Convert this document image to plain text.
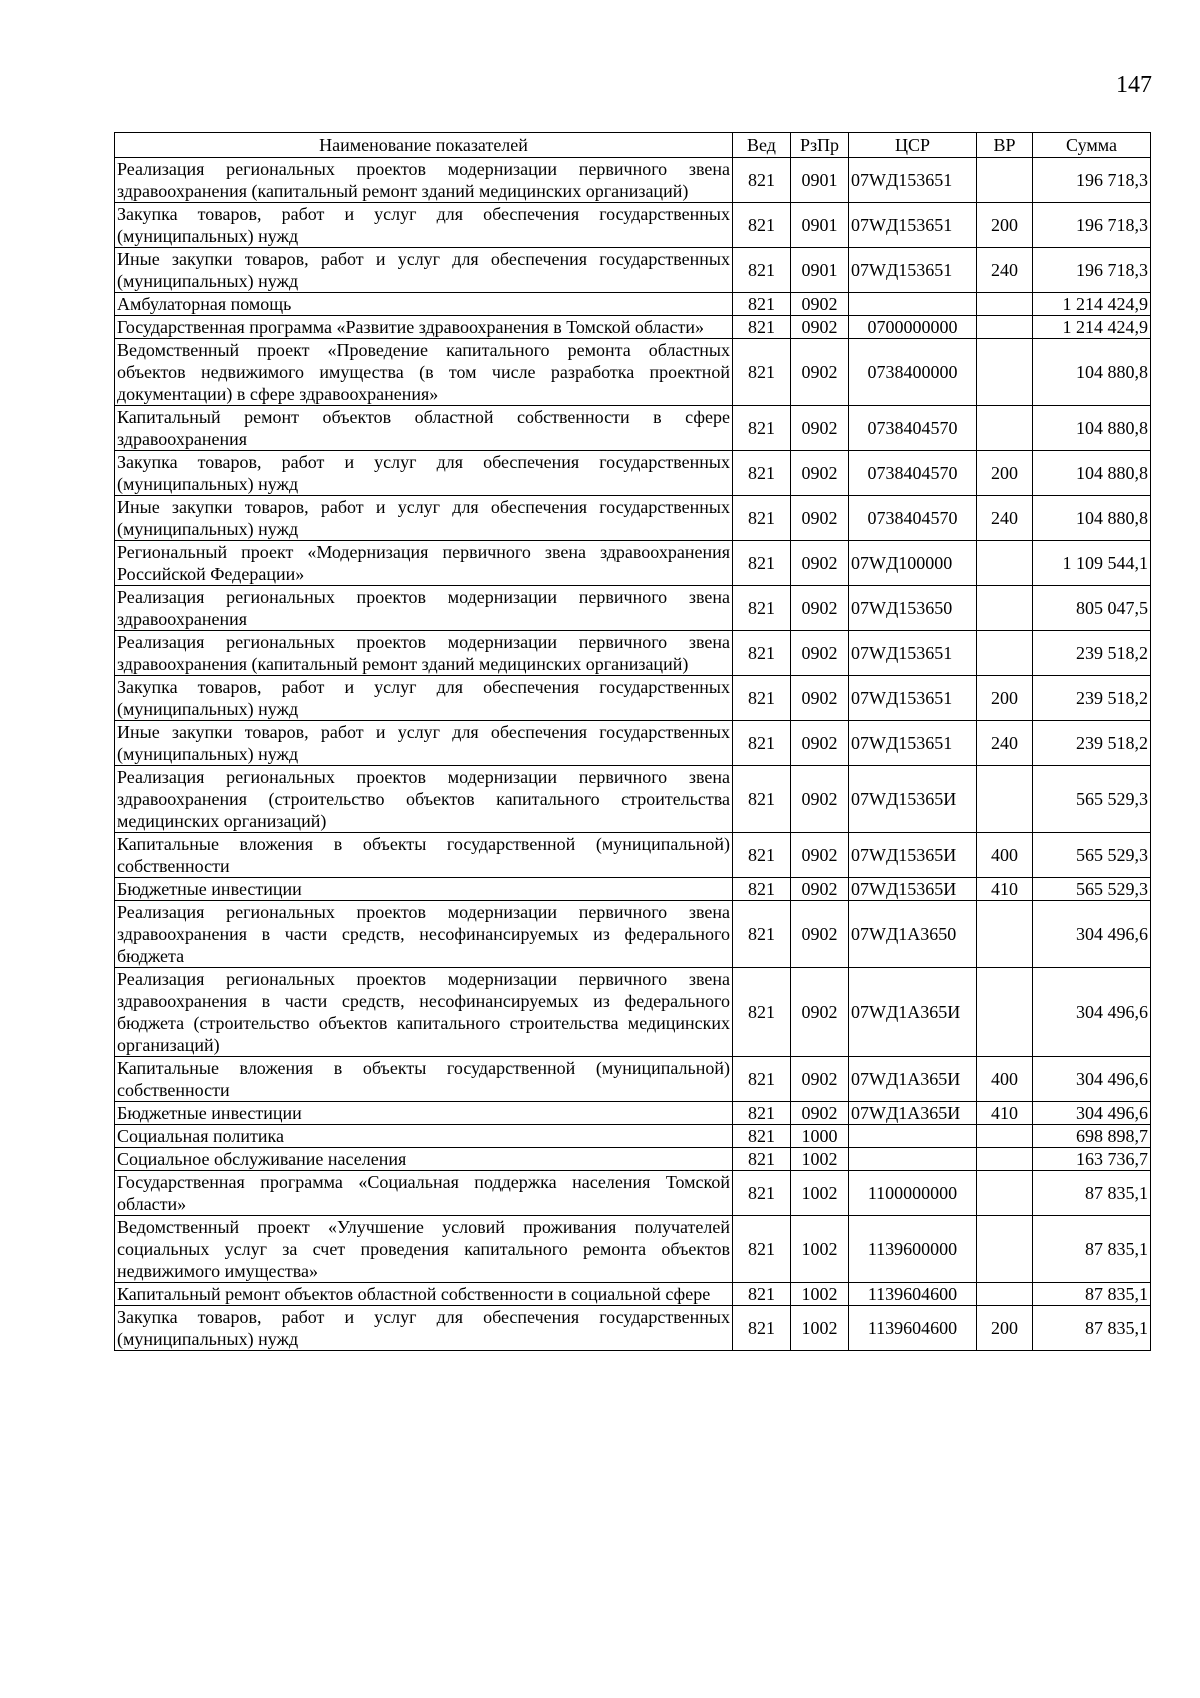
147
Наименование показателей	Вед	РзПр	ЦСР	ВР	Сумма
Реализация региональных проектов модернизации первичного звена здравоохранения (капитальный ремонт зданий медицинских организаций)	821	0901	07WД153651		196 718,3
Закупка товаров, работ и услуг для обеспечения государственных (муниципальных) нужд	821	0901	07WД153651	200	196 718,3
Иные закупки товаров, работ и услуг для обеспечения государственных (муниципальных) нужд	821	0901	07WД153651	240	196 718,3
Амбулаторная помощь	821	0902			1 214 424,9
Государственная программа «Развитие здравоохранения в Томской области»	821	0902	0700000000		1 214 424,9
Ведомственный проект «Проведение капитального ремонта областных объектов недвижимого имущества (в том числе разработка проектной документации) в сфере здравоохранения»	821	0902	0738400000		104 880,8
Капитальный ремонт объектов областной собственности в сфере здравоохранения	821	0902	0738404570		104 880,8
Закупка товаров, работ и услуг для обеспечения государственных (муниципальных) нужд	821	0902	0738404570	200	104 880,8
Иные закупки товаров, работ и услуг для обеспечения государственных (муниципальных) нужд	821	0902	0738404570	240	104 880,8
Региональный проект «Модернизация первичного звена здравоохранения Российской Федерации»	821	0902	07WД100000		1 109 544,1
Реализация региональных проектов модернизации первичного звена здравоохранения	821	0902	07WД153650		805 047,5
Реализация региональных проектов модернизации первичного звена здравоохранения (капитальный ремонт зданий медицинских организаций)	821	0902	07WД153651		239 518,2
Закупка товаров, работ и услуг для обеспечения государственных (муниципальных) нужд	821	0902	07WД153651	200	239 518,2
Иные закупки товаров, работ и услуг для обеспечения государственных (муниципальных) нужд	821	0902	07WД153651	240	239 518,2
Реализация региональных проектов модернизации первичного звена здравоохранения (строительство объектов капитального строительства медицинских организаций)	821	0902	07WД15365И		565 529,3
Капитальные вложения в объекты государственной (муниципальной) собственности	821	0902	07WД15365И	400	565 529,3
Бюджетные инвестиции	821	0902	07WД15365И	410	565 529,3
Реализация региональных проектов модернизации первичного звена здравоохранения в части средств, несофинансируемых из федерального бюджета	821	0902	07WД1А3650		304 496,6
Реализация региональных проектов модернизации первичного звена здравоохранения в части средств, несофинансируемых из федерального бюджета (строительство объектов капитального строительства медицинских организаций)	821	0902	07WД1А365И		304 496,6
Капитальные вложения в объекты государственной (муниципальной) собственности	821	0902	07WД1А365И	400	304 496,6
Бюджетные инвестиции	821	0902	07WД1А365И	410	304 496,6
Социальная политика	821	1000			698 898,7
Социальное обслуживание населения	821	1002			163 736,7
Государственная программа «Социальная поддержка населения Томской области»	821	1002	1100000000		87 835,1
Ведомственный проект «Улучшение условий проживания получателей социальных услуг за счет проведения капитального ремонта объектов недвижимого имущества»	821	1002	1139600000		87 835,1
Капитальный ремонт объектов областной собственности в социальной сфере	821	1002	1139604600		87 835,1
Закупка товаров, работ и услуг для обеспечения государственных (муниципальных) нужд	821	1002	1139604600	200	87 835,1
